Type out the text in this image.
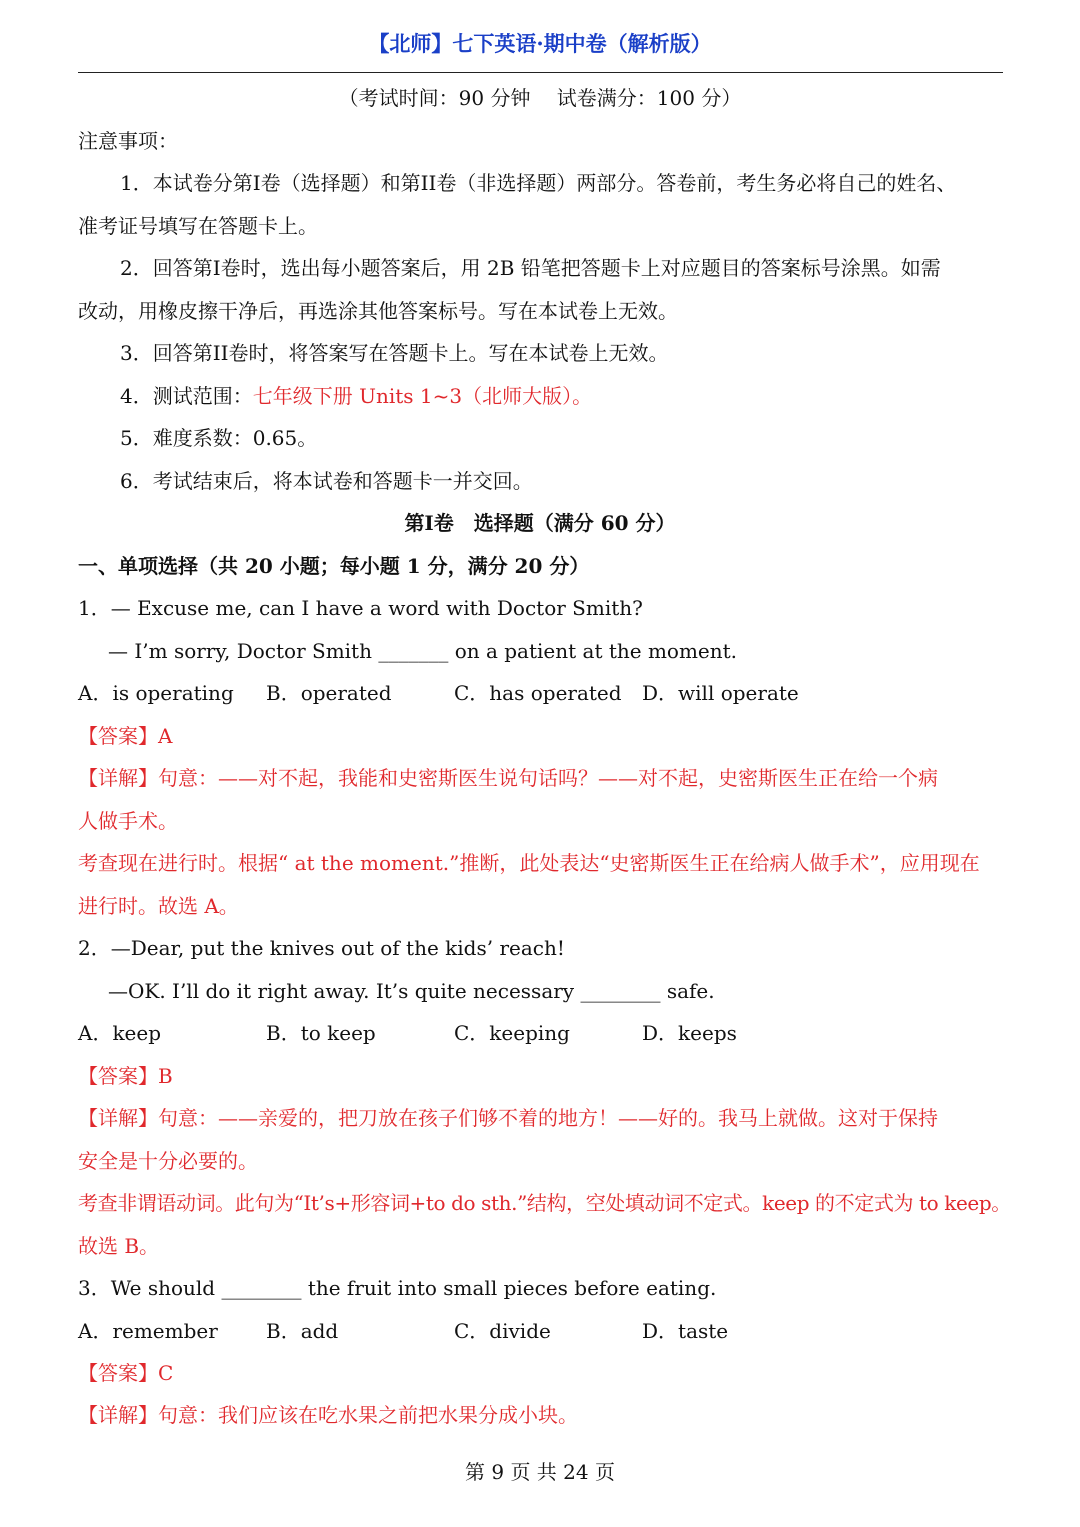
【北师】七下英语·期中卷（解析版）
（考试时间：90 分钟　 试卷满分：100 分）
注意事项：
1．本试卷分第I卷（选择题）和第II卷（非选择题）两部分。答卷前，考生务必将自己的姓名、
准考证号填写在答题卡上。
2．回答第I卷时，选出每小题答案后，用 2B 铅笔把答题卡上对应题目的答案标号涂黑。如需
改动，用橡皮擦干净后，再选涂其他答案标号。写在本试卷上无效。
3．回答第II卷时，将答案写在答题卡上。写在本试卷上无效。
4．测试范围：七年级下册 Units 1~3（北师大版）。
5．难度系数：0.65。
6．考试结束后，将本试卷和答题卡一并交回。
第I卷　选择题（满分 60 分）
一、单项选择（共 20 小题；每小题 1 分，满分 20 分）
1．— Excuse me, can I have a word with Doctor Smith?
— I’m sorry, Doctor Smith _______ on a patient at the moment.
A．is operating B．operated	C．has operated D．will operate
【答案】A
【详解】句意：——对不起，我能和史密斯医生说句话吗？——对不起，史密斯医生正在给一个病
人做手术。
考查现在进行时。根据“ at the moment.”推断，此处表达“史密斯医生正在给病人做手术”，应用现在
进行时。故选 A。
2．—Dear, put the knives out of the kids’ reach!
—OK. I’ll do it right away. It’s quite necessary ________ safe.
A．keep	B．to keep	C．keeping	D．keeps
【答案】B
【详解】句意：——亲爱的，把刀放在孩子们够不着的地方！——好的。我马上就做。这对于保持
安全是十分必要的。
考查非谓语动词。此句为“It’s+形容词+to do sth.”结构，空处填动词不定式。keep 的不定式为 to keep。
故选 B。
3．We should ________ the fruit into small pieces before eating.
A．remember B．add	C．divide	D．taste
【答案】C
【详解】句意：我们应该在吃水果之前把水果分成小块。
第 9 页 共 24 页
